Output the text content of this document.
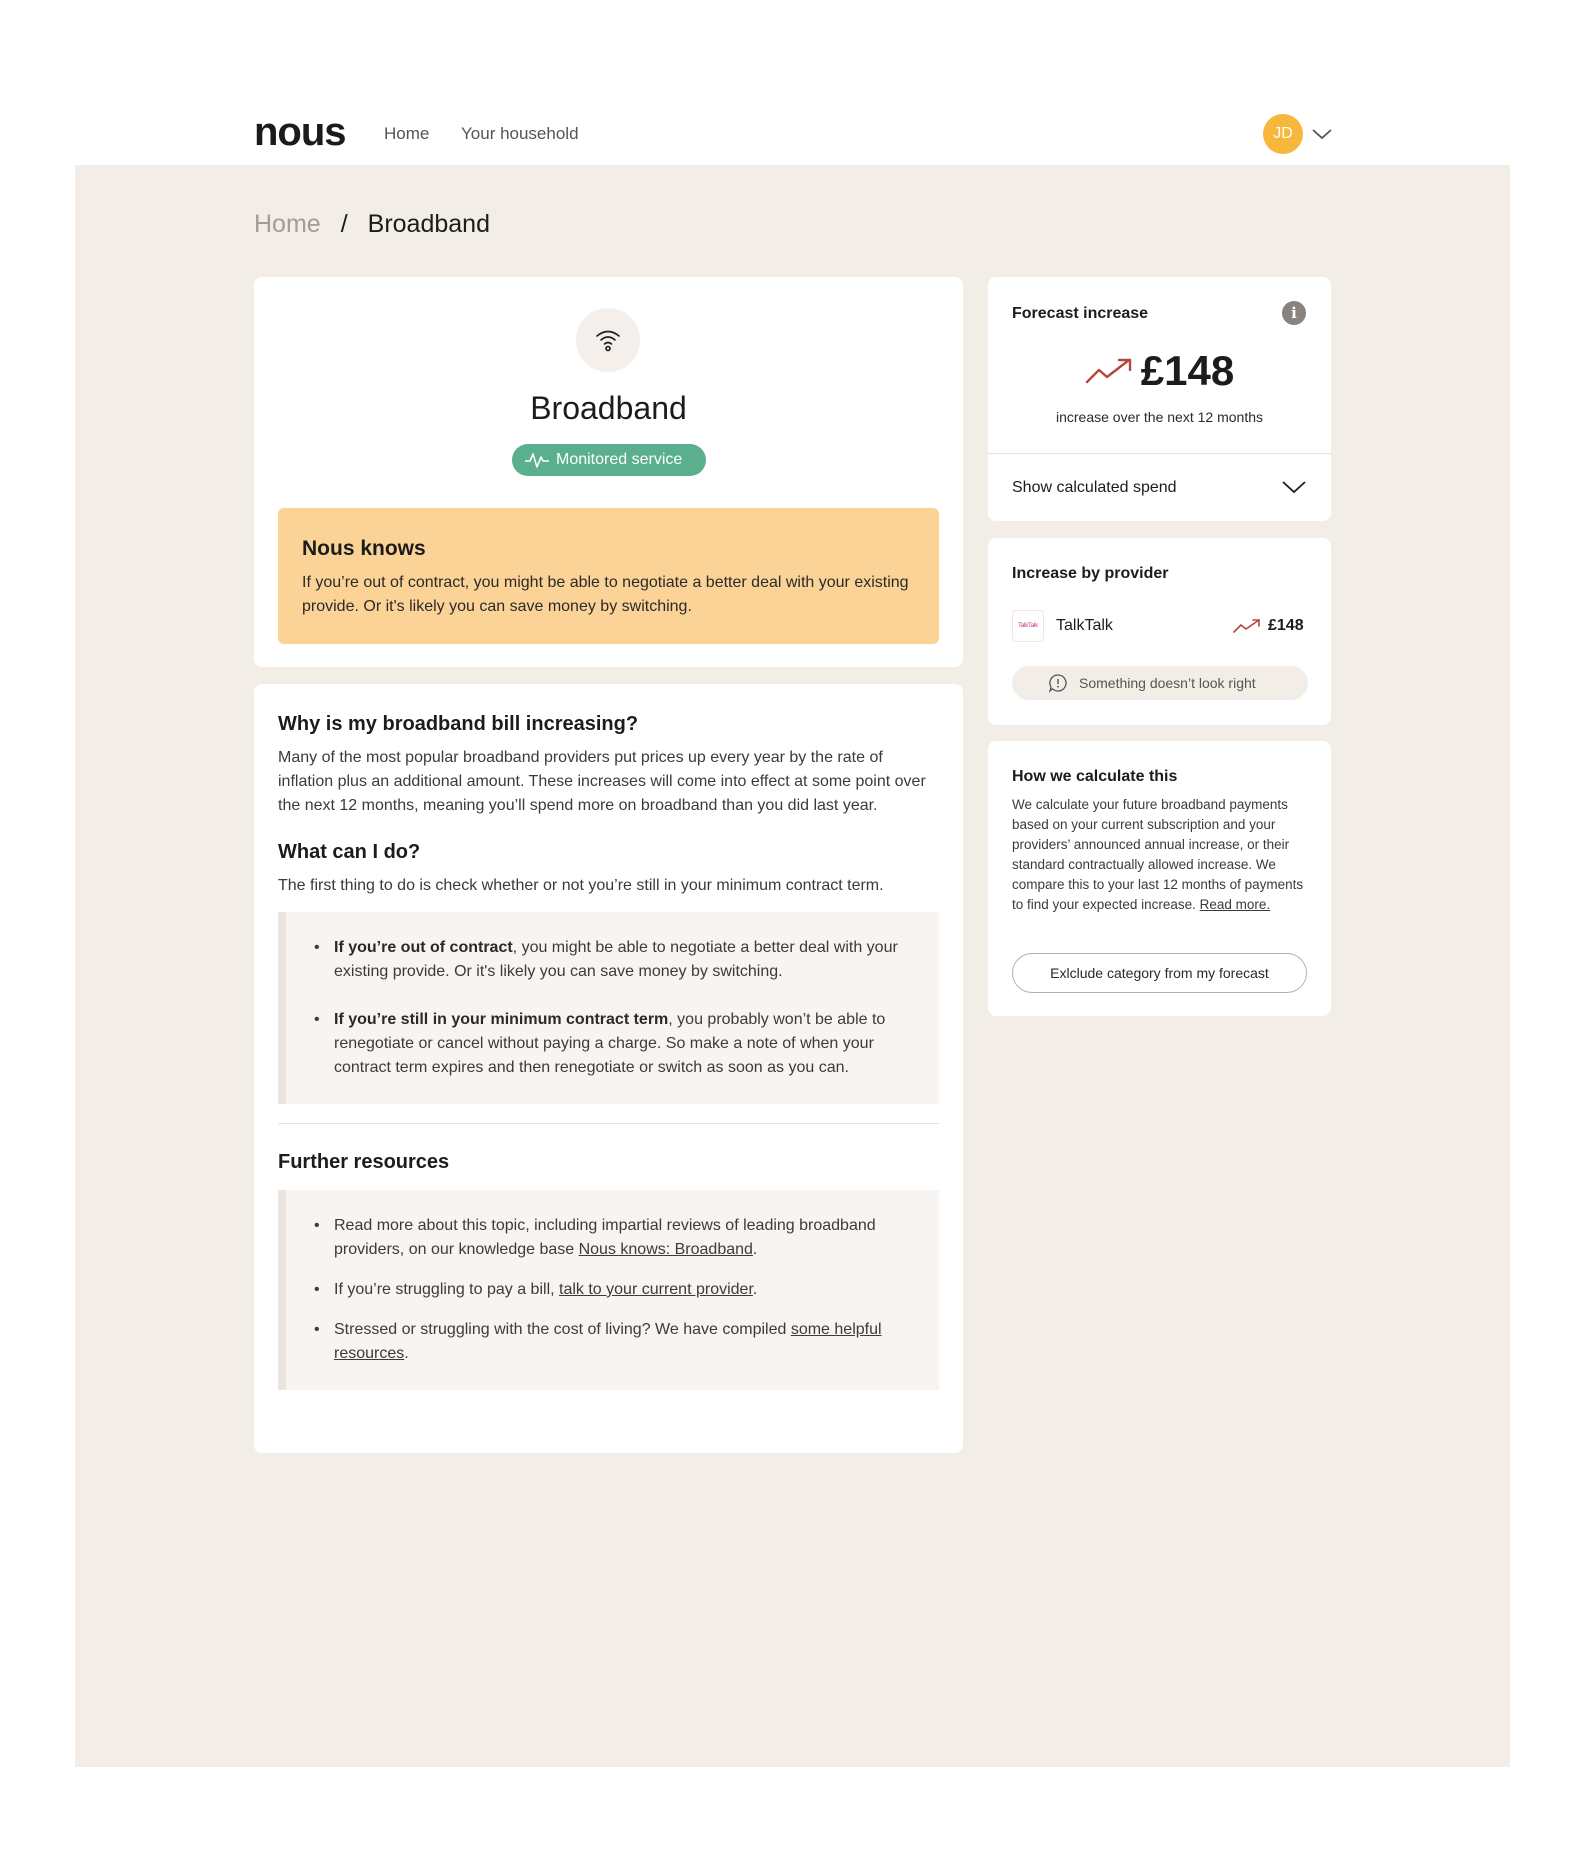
nous Home Your household	JD
Home / Broadband
Broadband
Monitored service
Nous knows
If you’re out of contract, you might be able to negotiate a better deal with your existing provide. Or it's likely you can save money by switching.
Why is my broadband bill increasing?

Many of the most popular broadband providers put prices up every year by the rate of inflation plus an additional amount. These increases will come into effect at some point over the next 12 months, meaning you’ll spend more on broadband than you did last year.

What can I do?

The first thing to do is check whether or not you’re still in your minimum contract term.

• If you’re out of contract, you might be able to negotiate a better deal with your existing provide. Or it's likely you can save money by switching.
• If you’re still in your minimum contract term, you probably won’t be able to renegotiate or cancel without paying a charge. So make a note of when your contract term expires and then renegotiate or switch as soon as you can.
Further resources
• Read more about this topic, including impartial reviews of leading broadband providers, on our knowledge base Nous knows: Broadband.
• If you’re struggling to pay a bill, talk to your current provider.
• Stressed or struggling with the cost of living? We have compiled some helpful resources.
Forecast increase	i
£148
increase over the next 12 months
Show calculated spend
Increase by provider
TalkTalk	TalkTalk	£148
Something doesn’t look right
How we calculate this
We calculate your future broadband payments based on your current subscription and your providers’ announced annual increase, or their standard contractually allowed increase. We compare this to your last 12 months of payments to find your expected increase. Read more.
Exlclude category from my forecast
